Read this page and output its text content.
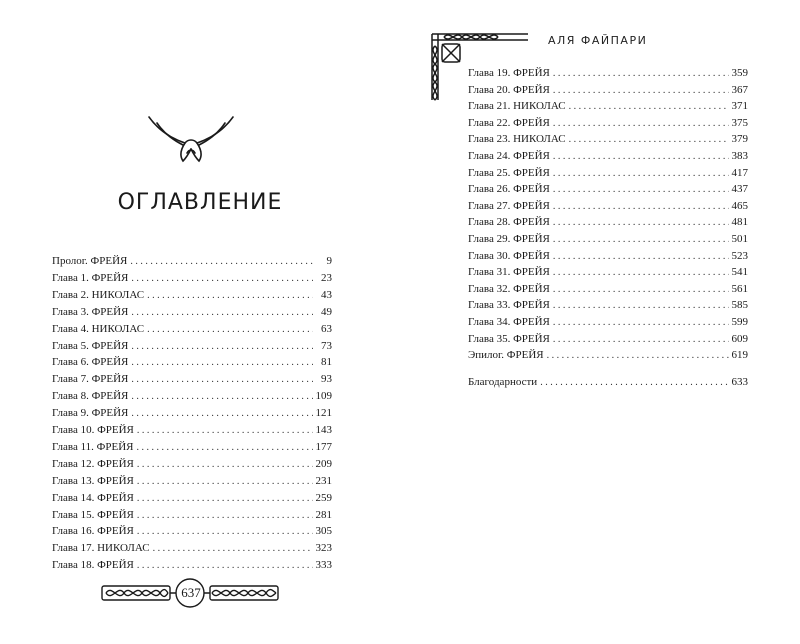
ОГЛАВЛЕНИЕ
Пролог. ФРЕЙЯ . . .	9
Глава 1. ФРЕЙЯ . . .	23
Глава 2. НИКОЛАС . . .	43
Глава 3. ФРЕЙЯ . . .	49
Глава 4. НИКОЛАС . . .	63
Глава 5. ФРЕЙЯ . . .	73
Глава 6. ФРЕЙЯ . . .	81
Глава 7. ФРЕЙЯ . . .	93
Глава 8. ФРЕЙЯ . . .	109
Глава 9. ФРЕЙЯ . . .	121
Глава 10. ФРЕЙЯ . . .	143
Глава 11. ФРЕЙЯ . . .	177
Глава 12. ФРЕЙЯ . . .	209
Глава 13. ФРЕЙЯ . . .	231
Глава 14. ФРЕЙЯ . . .	259
Глава 15. ФРЕЙЯ . . .	281
Глава 16. ФРЕЙЯ . . .	305
Глава 17. НИКОЛАС . . .	323
Глава 18. ФРЕЙЯ . . .	333
637
АЛЯ ФАЙПАРИ
Глава 19. ФРЕЙЯ . . .	359
Глава 20. ФРЕЙЯ . . .	367
Глава 21. НИКОЛАС . . .	371
Глава 22. ФРЕЙЯ . . .	375
Глава 23. НИКОЛАС . . .	379
Глава 24. ФРЕЙЯ . . .	383
Глава 25. ФРЕЙЯ . . .	417
Глава 26. ФРЕЙЯ . . .	437
Глава 27. ФРЕЙЯ . . .	465
Глава 28. ФРЕЙЯ . . .	481
Глава 29. ФРЕЙЯ . . .	501
Глава 30. ФРЕЙЯ . . .	523
Глава 31. ФРЕЙЯ . . .	541
Глава 32. ФРЕЙЯ . . .	561
Глава 33. ФРЕЙЯ . . .	585
Глава 34. ФРЕЙЯ . . .	599
Глава 35. ФРЕЙЯ . . .	609
Эпилог. ФРЕЙЯ . . .	619
Благодарности . . .	633
